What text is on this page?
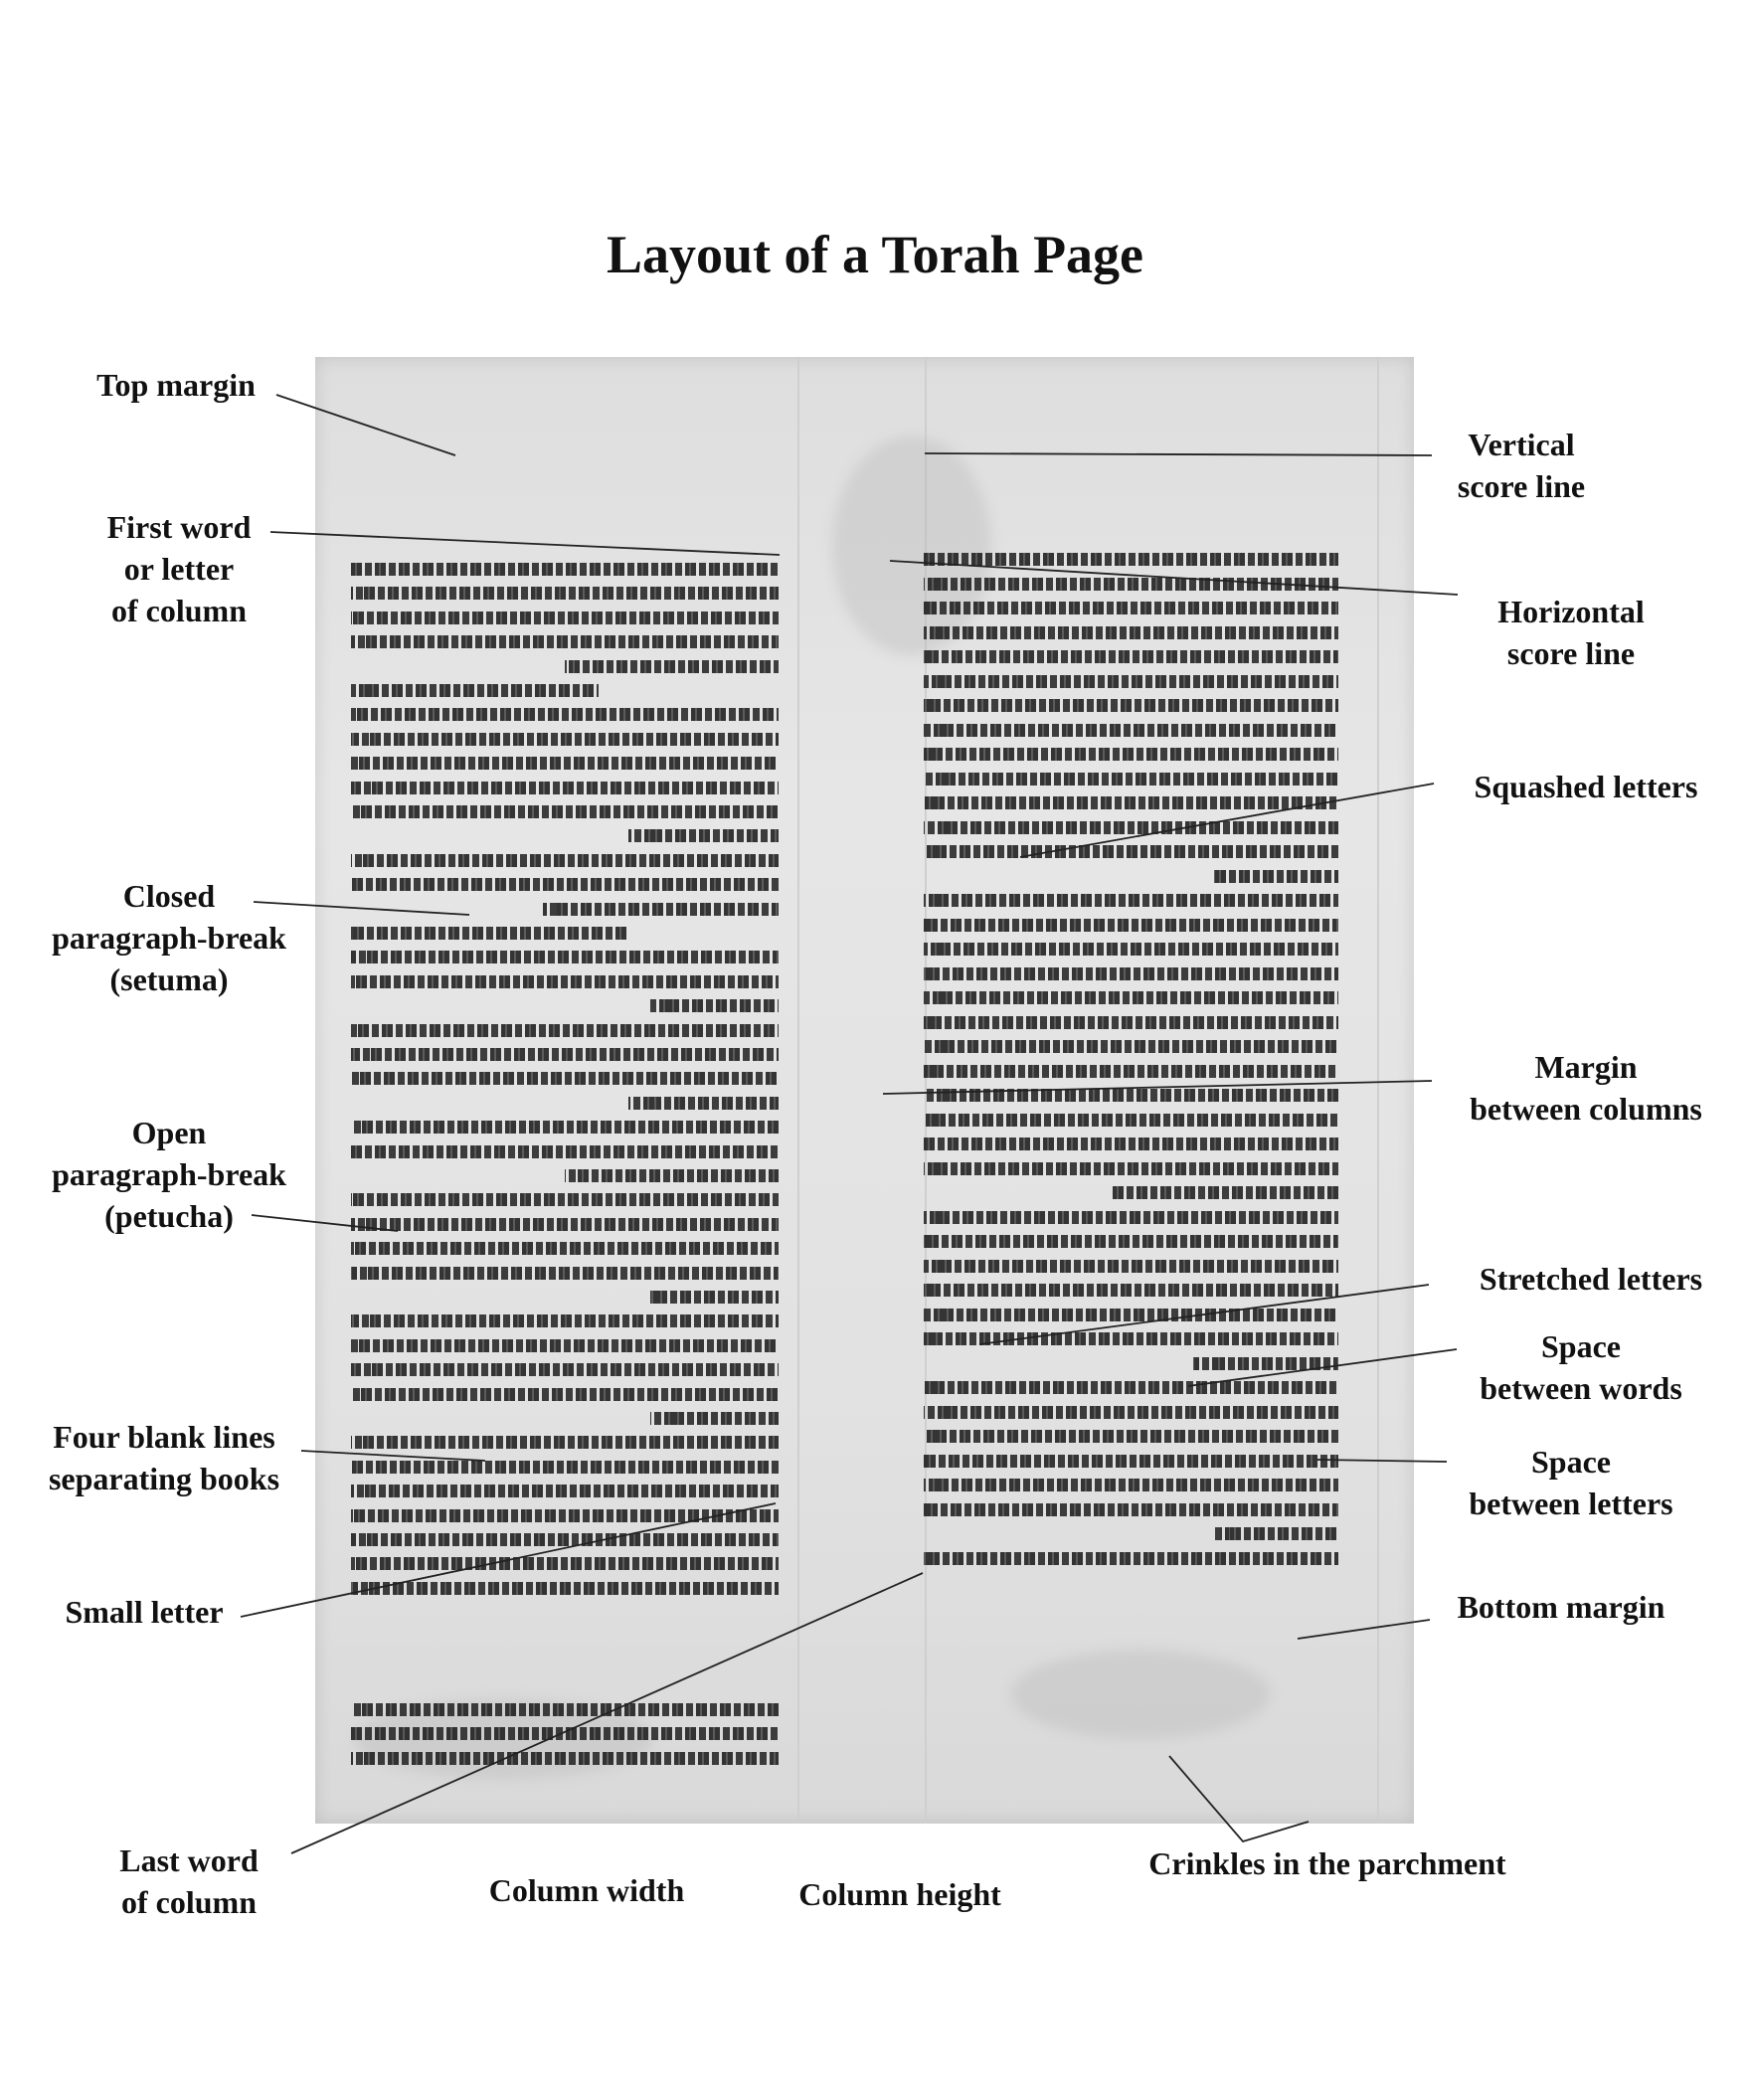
Layout of a Torah Page
Top margin
First word
or letter
of column
Closed
paragraph-break
(setuma)
Open
paragraph-break
(petucha)
Four blank lines
separating books
Small letter
Last word
of column	Column width	Column height
Vertical
score line
Horizontal
score line
Squashed letters
Margin
between columns
Stretched letters
Space
between words
Space
between letters
Bottom margin
Crinkles in the parchment
